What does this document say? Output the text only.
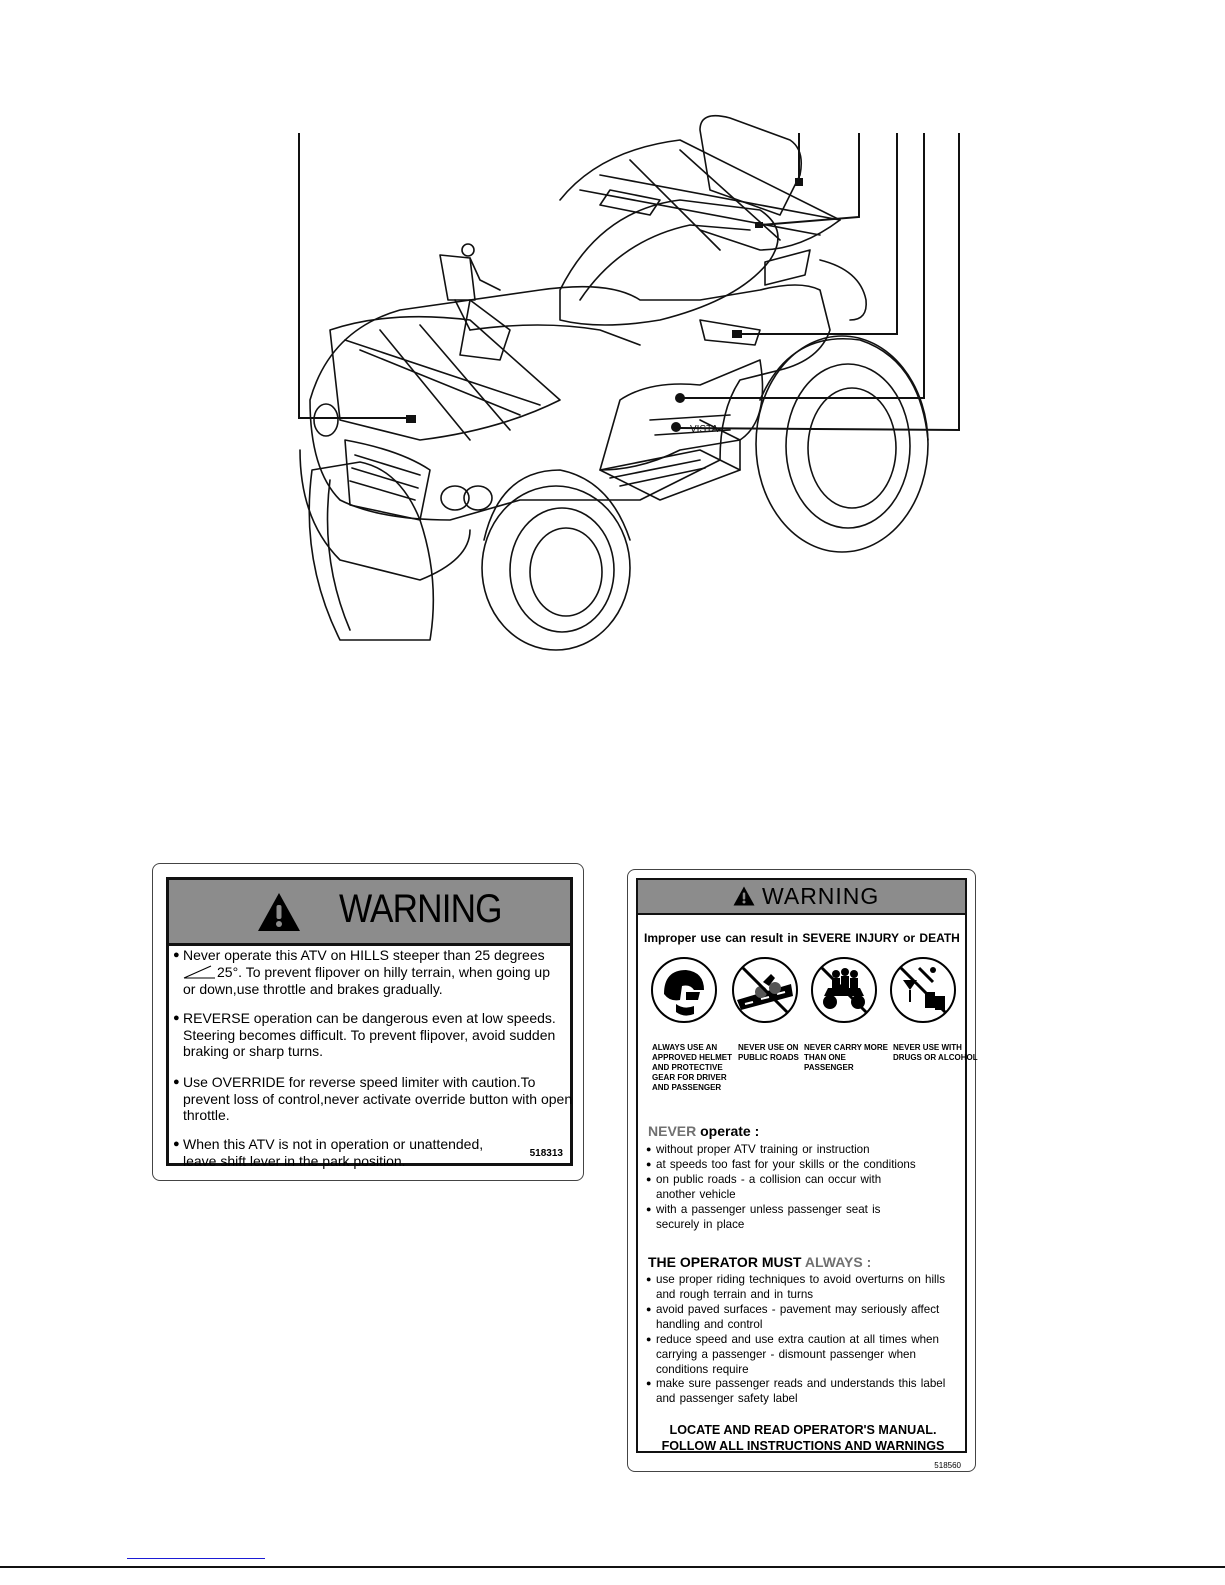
VISTA
WARNING
● Never operate this ATV on HILLS steeper than 25 degrees
25°. To prevent flipover on hilly terrain, when going up
or down,use throttle and brakes gradually.
● REVERSE operation can be dangerous even at low speeds. Steering becomes difficult. To prevent flipover, avoid sudden braking or sharp turns.
● Use OVERRIDE for reverse speed limiter with caution.To prevent loss of control,never activate override button with open throttle.
● When this ATV is not in operation or unattended, leave shift lever in the park position.	518313
WARNING
Improper use can result in SEVERE INJURY or DEATH
ALWAYS USE AN APPROVED HELMET AND PROTECTIVE GEAR FOR DRIVER AND PASSENGER
NEVER USE ON PUBLIC ROADS
NEVER CARRY MORE THAN ONE PASSENGER
NEVER USE WITH DRUGS OR ALCOHOL
NEVER operate :
● without proper ATV training or instruction
● at speeds too fast for your skills or the conditions
● on public roads - a collision can occur with another vehicle
● with a passenger unless passenger seat is securely in place
THE OPERATOR MUST ALWAYS :
● use proper riding techniques to avoid overturns on hills and rough terrain and in turns
● avoid paved surfaces - pavement may seriously affect handling and control
● reduce speed and use extra caution at all times when carrying a passenger - dismount passenger when conditions require
● make sure passenger reads and understands this label and passenger safety label
LOCATE AND READ OPERATOR'S MANUAL.
FOLLOW ALL INSTRUCTIONS AND WARNINGS
518560
